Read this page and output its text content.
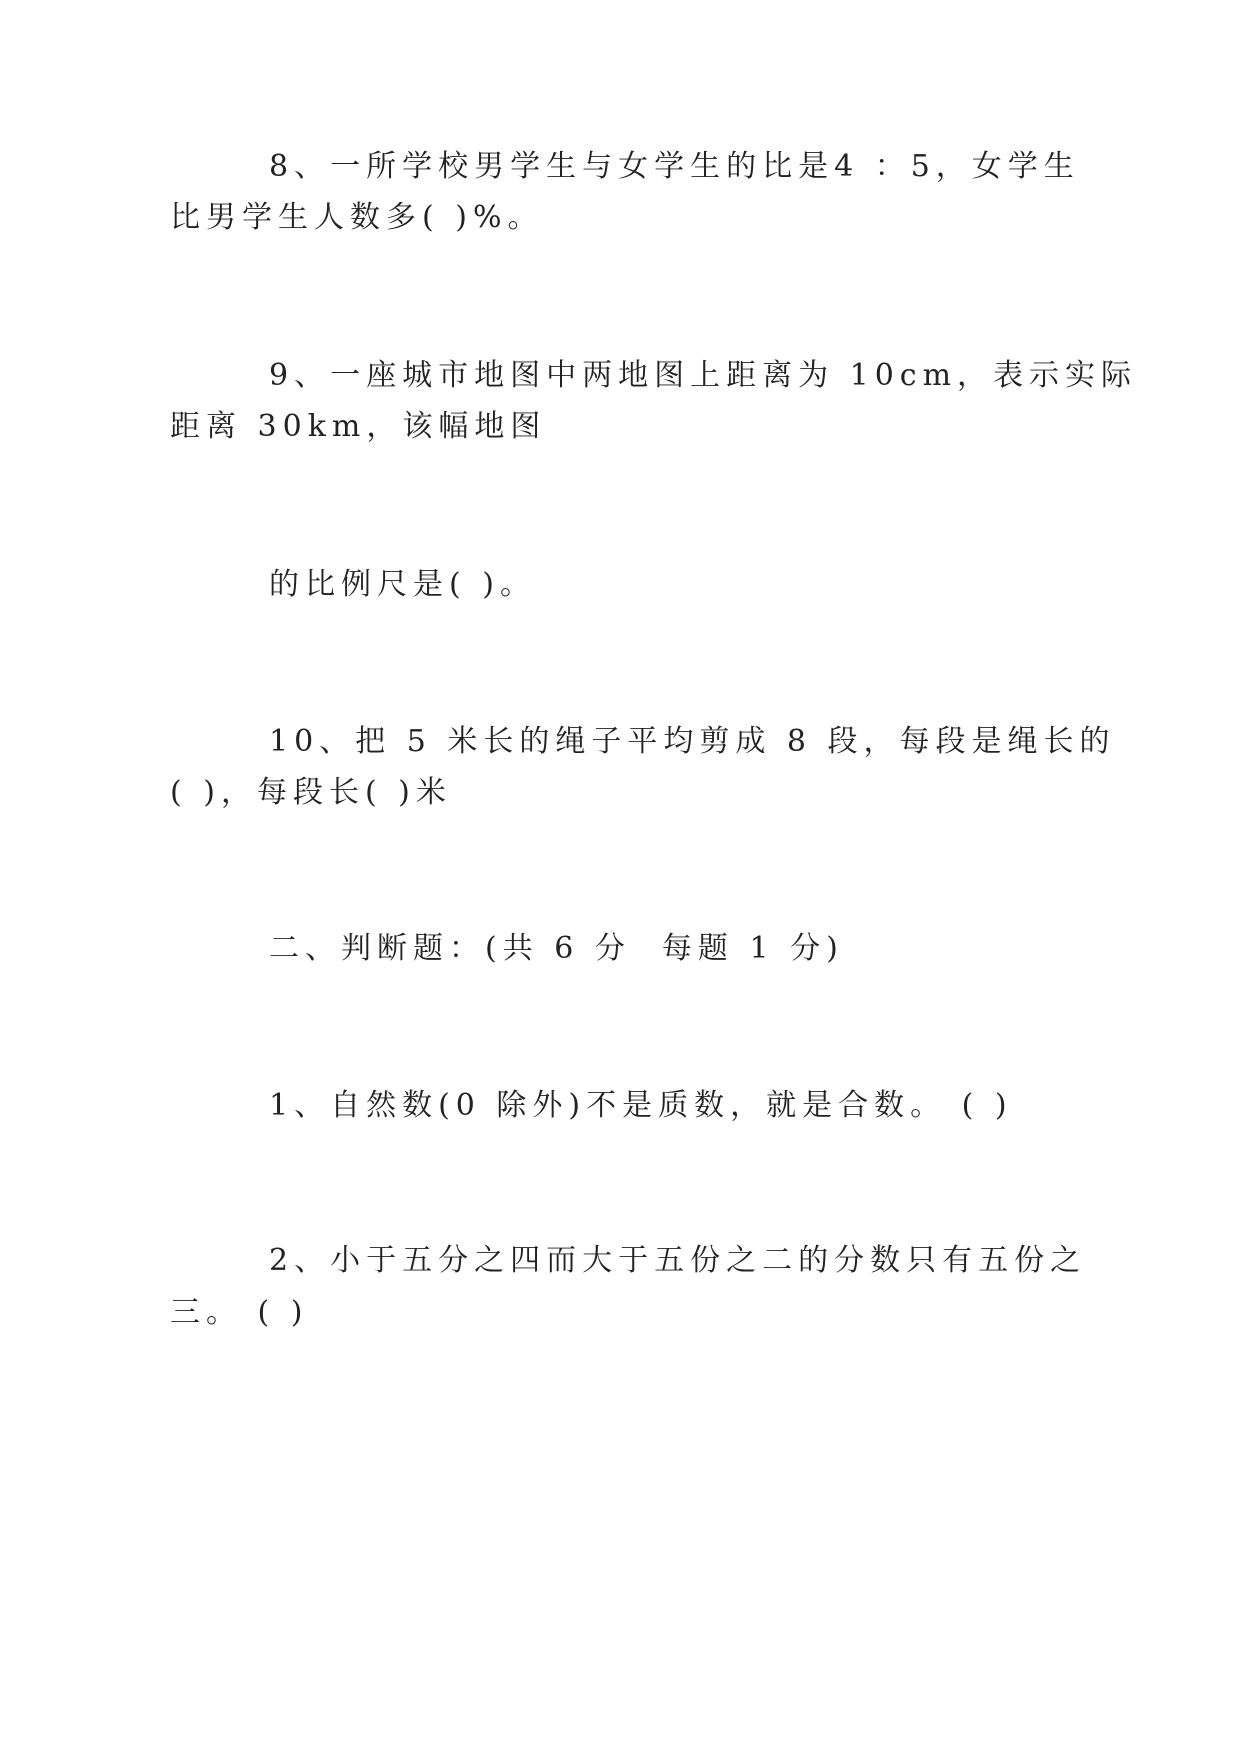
8、一所学校男学生与女学生的比是4 ：5，女学生

比男学生人数多( )%。

9、一座城市地图中两地图上距离为 10cm，表示实际

距离 30km，该幅地图

的比例尺是( )。

10、把 5 米长的绳子平均剪成 8 段，每段是绳长的

( )，每段长( )米

二、判断题：(共 6 分  每题 1 分)

1、自然数(0 除外)不是质数，就是合数。 ( )

2、小于五分之四而大于五份之二的分数只有五份之

三。 ( )
